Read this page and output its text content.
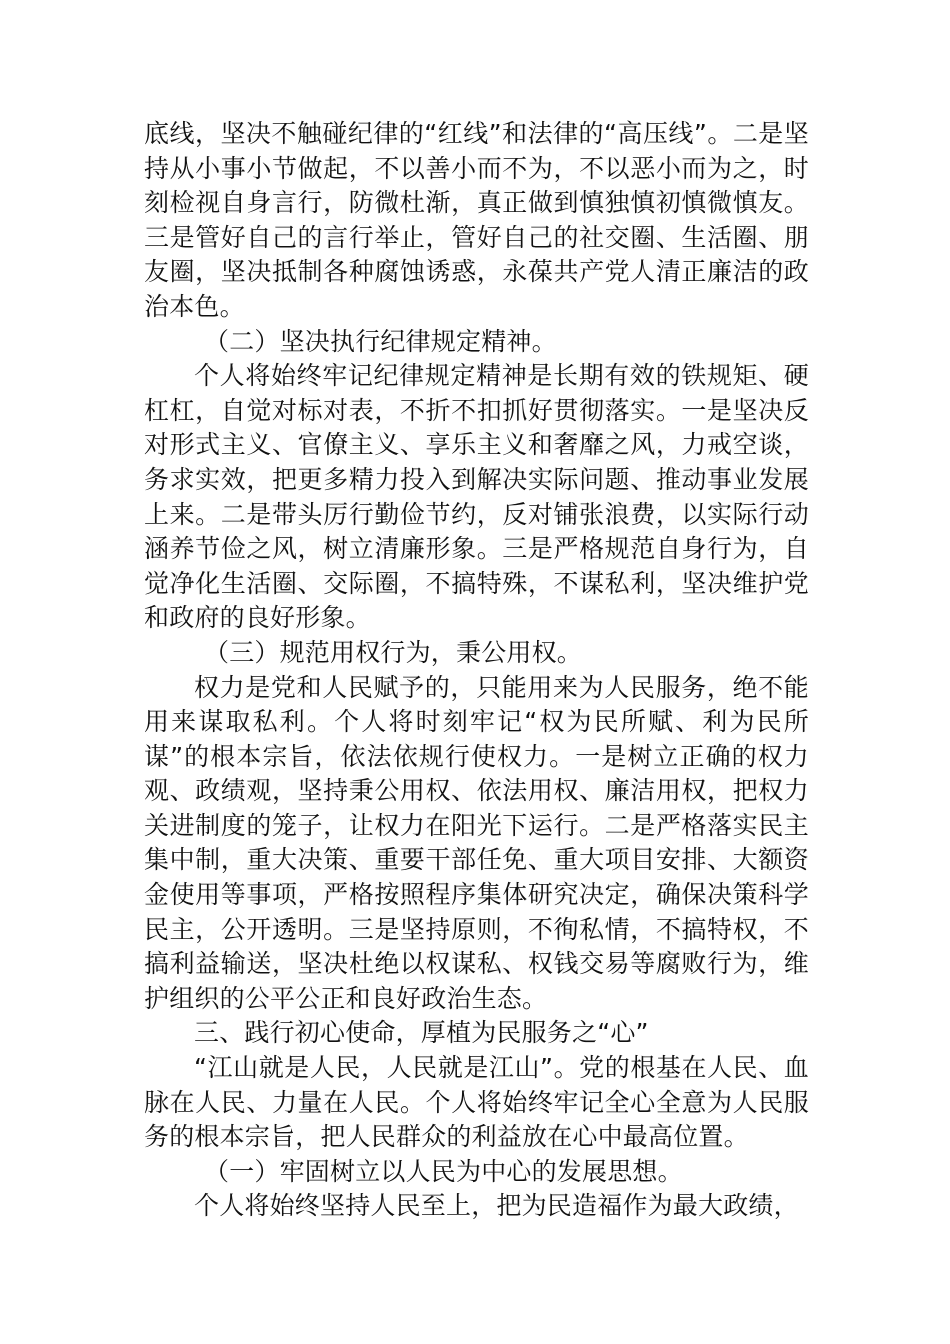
底线，坚决不触碰纪律的“红线”和法律的“高压线”。二是坚持从小事小节做起，不以善小而不为，不以恶小而为之，时刻检视自身言行，防微杜渐，真正做到慎独慎初慎微慎友。三是管好自己的言行举止，管好自己的社交圈、生活圈、朋友圈，坚决抵制各种腐蚀诱惑，永葆共产党人清正廉洁的政治本色。

（二）坚决执行纪律规定精神。

个人将始终牢记纪律规定精神是长期有效的铁规矩、硬杠杠，自觉对标对表，不折不扣抓好贯彻落实。一是坚决反对形式主义、官僚主义、享乐主义和奢靡之风，力戒空谈，务求实效，把更多精力投入到解决实际问题、推动事业发展上来。二是带头厉行勤俭节约，反对铺张浪费，以实际行动涵养节俭之风，树立清廉形象。三是严格规范自身行为，自觉净化生活圈、交际圈，不搞特殊，不谋私利，坚决维护党和政府的良好形象。

（三）规范用权行为，秉公用权。

权力是党和人民赋予的，只能用来为人民服务，绝不能用来谋取私利。个人将时刻牢记“权为民所赋、利为民所谋”的根本宗旨，依法依规行使权力。一是树立正确的权力观、政绩观，坚持秉公用权、依法用权、廉洁用权，把权力关进制度的笼子，让权力在阳光下运行。二是严格落实民主集中制，重大决策、重要干部任免、重大项目安排、大额资金使用等事项，严格按照程序集体研究决定，确保决策科学民主，公开透明。三是坚持原则，不徇私情，不搞特权，不搞利益输送，坚决杜绝以权谋私、权钱交易等腐败行为，维护组织的公平公正和良好政治生态。

三、践行初心使命，厚植为民服务之“心”

“江山就是人民，人民就是江山”。党的根基在人民、血脉在人民、力量在人民。个人将始终牢记全心全意为人民服务的根本宗旨，把人民群众的利益放在心中最高位置。

（一）牢固树立以人民为中心的发展思想。

个人将始终坚持人民至上，把为民造福作为最大政绩，
